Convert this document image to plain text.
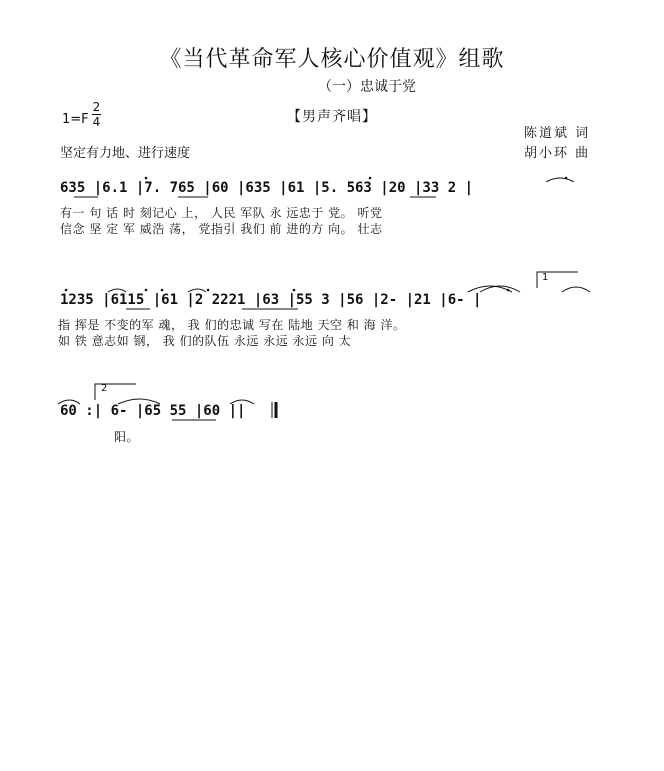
《当代革命军人核心价值观》组歌
（一）忠诚于党
1=F
2
4	【男声齐唱】
陈道斌 词
胡小环 曲
坚定有力地、进行速度
635 |6.1 |7. 765 |60 |635 |61 |5. 563 |20 |33 2 |
有一 句 话 时 刻记心 上， 人民 军队 永 远忠于 党。 听党
信念 坚 定 军 威浩 荡， 党指引 我们 前 进的方 向。 壮志
1235 |6115 |61 |2 2221 |63 |55 3 |56 |2- |21 |6- |
指 挥是 不变的军 魂， 我 们的忠诚 写在 陆地 天空 和 海 洋。
如 铁 意志如 钢， 我 们的队伍 永远 永远 永远 向 太
1
60 :| 6- |65 55 |60 ||
阳。
2
